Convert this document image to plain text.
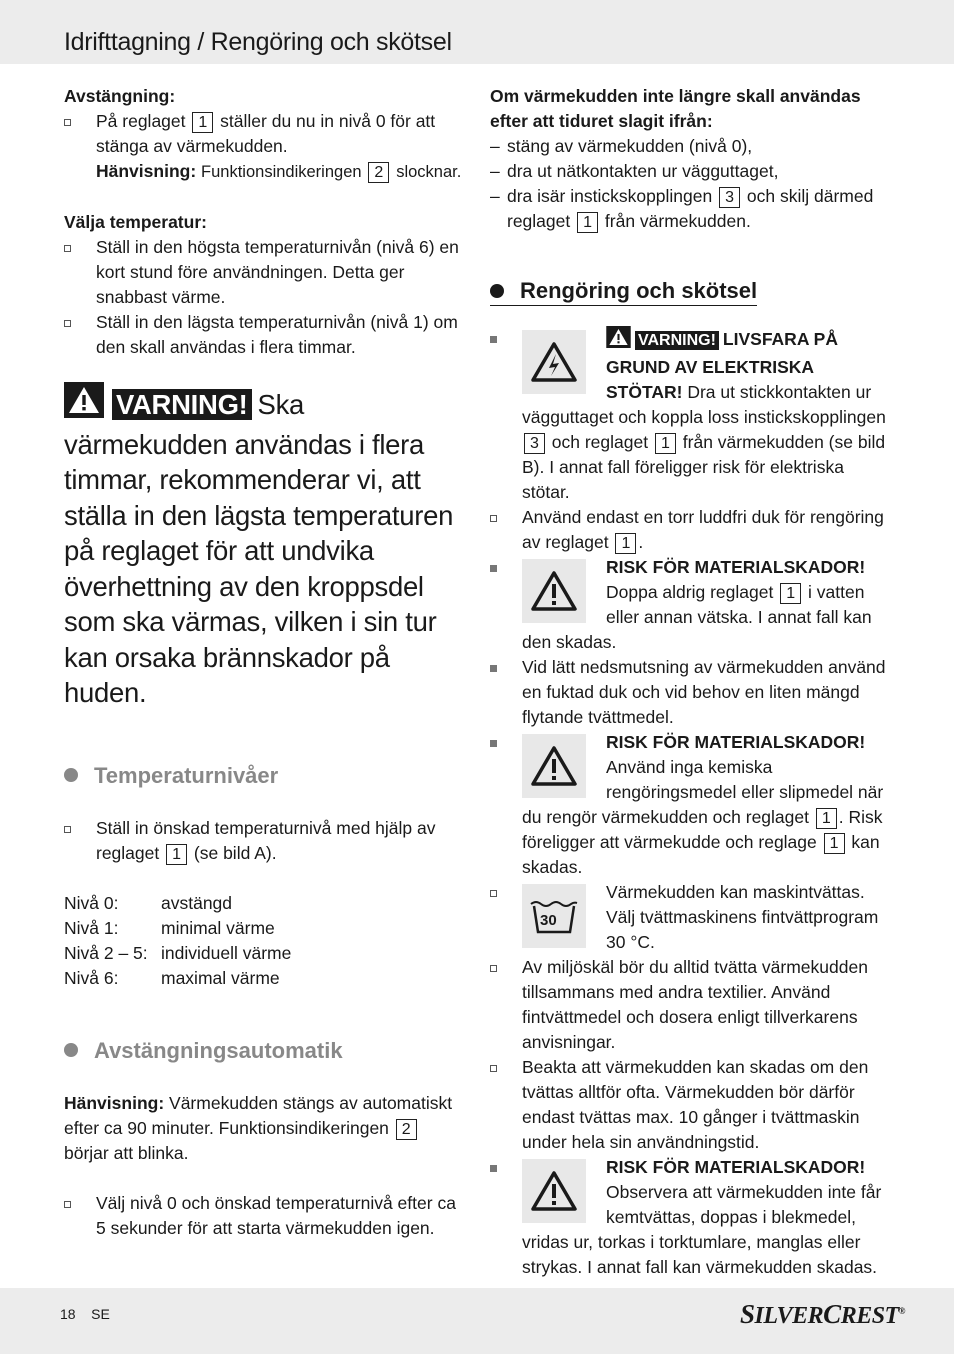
Idrifttagning / Rengöring och skötsel

Avstängning:

På reglaget 1 ställer du nu in nivå 0 för att stänga av värmekudden.
Hänvisning: Funktionsindikeringen 2 slocknar.

Välja temperatur:

Ställ in den högsta temperaturnivån (nivå 6) en kort stund före användningen. Detta ger snabbast värme.
Ställ in den lägsta temperaturnivån (nivå 1) om den skall användas i flera timmar.
VARNING! Ska värmekudden användas i flera timmar, rekommenderar vi, att ställa in den lägsta temperaturen på reglaget för att undvika överhettning av den kroppsdel som ska värmas, vilken i sin tur kan orsaka brännskador på huden.
Temperaturnivåer
Ställ in önskad temperaturnivå med hjälp av reglaget 1 (se bild A).
Nivå 0:	avstängd
Nivå 1:	minimal värme
Nivå 2 – 5: individuell värme
Nivå 6:	maximal värme
Avstängningsautomatik

Hänvisning: Värmekudden stängs av automatiskt efter ca 90 minuter. Funktionsindikeringen 2 börjar att blinka.

Välj nivå 0 och önskad temperaturnivå efter ca 5 sekunder för att starta värmekudden igen.

Om värmekudden inte längre skall användas efter att tiduret slagit ifrån:

– stäng av värmekudden (nivå 0),
– dra ut nätkontakten ur vägguttaget,
– dra isär instickskopplingen 3 och skilj därmed reglaget 1 från värmekudden.
Rengöring och skötsel
VARNING! LIVSFARA PÅ GRUND AV ELEKTRISKA STÖTAR! Dra ut stickkontakten ur vägguttaget och koppla loss instickskopplingen 3 och reglaget 1 från värmekudden (se bild B). I annat fall föreligger risk för elektriska stötar.
Använd endast en torr luddfri duk för rengöring av reglaget 1 .
RISK FÖR MATERIALSKADOR!
Doppa aldrig reglaget 1 i vatten eller annan vätska. I annat fall kan den skadas.
Vid lätt nedsmutsning av värmekudden använd en fuktad duk och vid behov en liten mängd flytande tvättmedel.
RISK FÖR MATERIALSKADOR!
Använd inga kemiska rengöringsmedel eller slipmedel när du rengör värmekudden och reglaget 1 . Risk föreligger att värmekudde och reglage 1 kan skadas.
30
Värmekudden kan maskintvättas. Välj tvättmaskinens fintvättprogram 30 °C.
Av miljöskäl bör du alltid tvätta värmekudden tillsammans med andra textilier. Använd fintvättmedel och dosera enligt tillverkarens anvisningar.
Beakta att värmekudden kan skadas om den tvättas alltför ofta. Värmekudden bör därför endast tvättas max. 10 gånger i tvättmaskin under hela sin användningstid.
RISK FÖR MATERIALSKADOR!
Observera att värmekudden inte får kemtvättas, doppas i blekmedel, vridas ur, torkas i torktumlare, manglas eller strykas. I annat fall kan värmekudden skadas.
18 SE	SILVERCREST®
